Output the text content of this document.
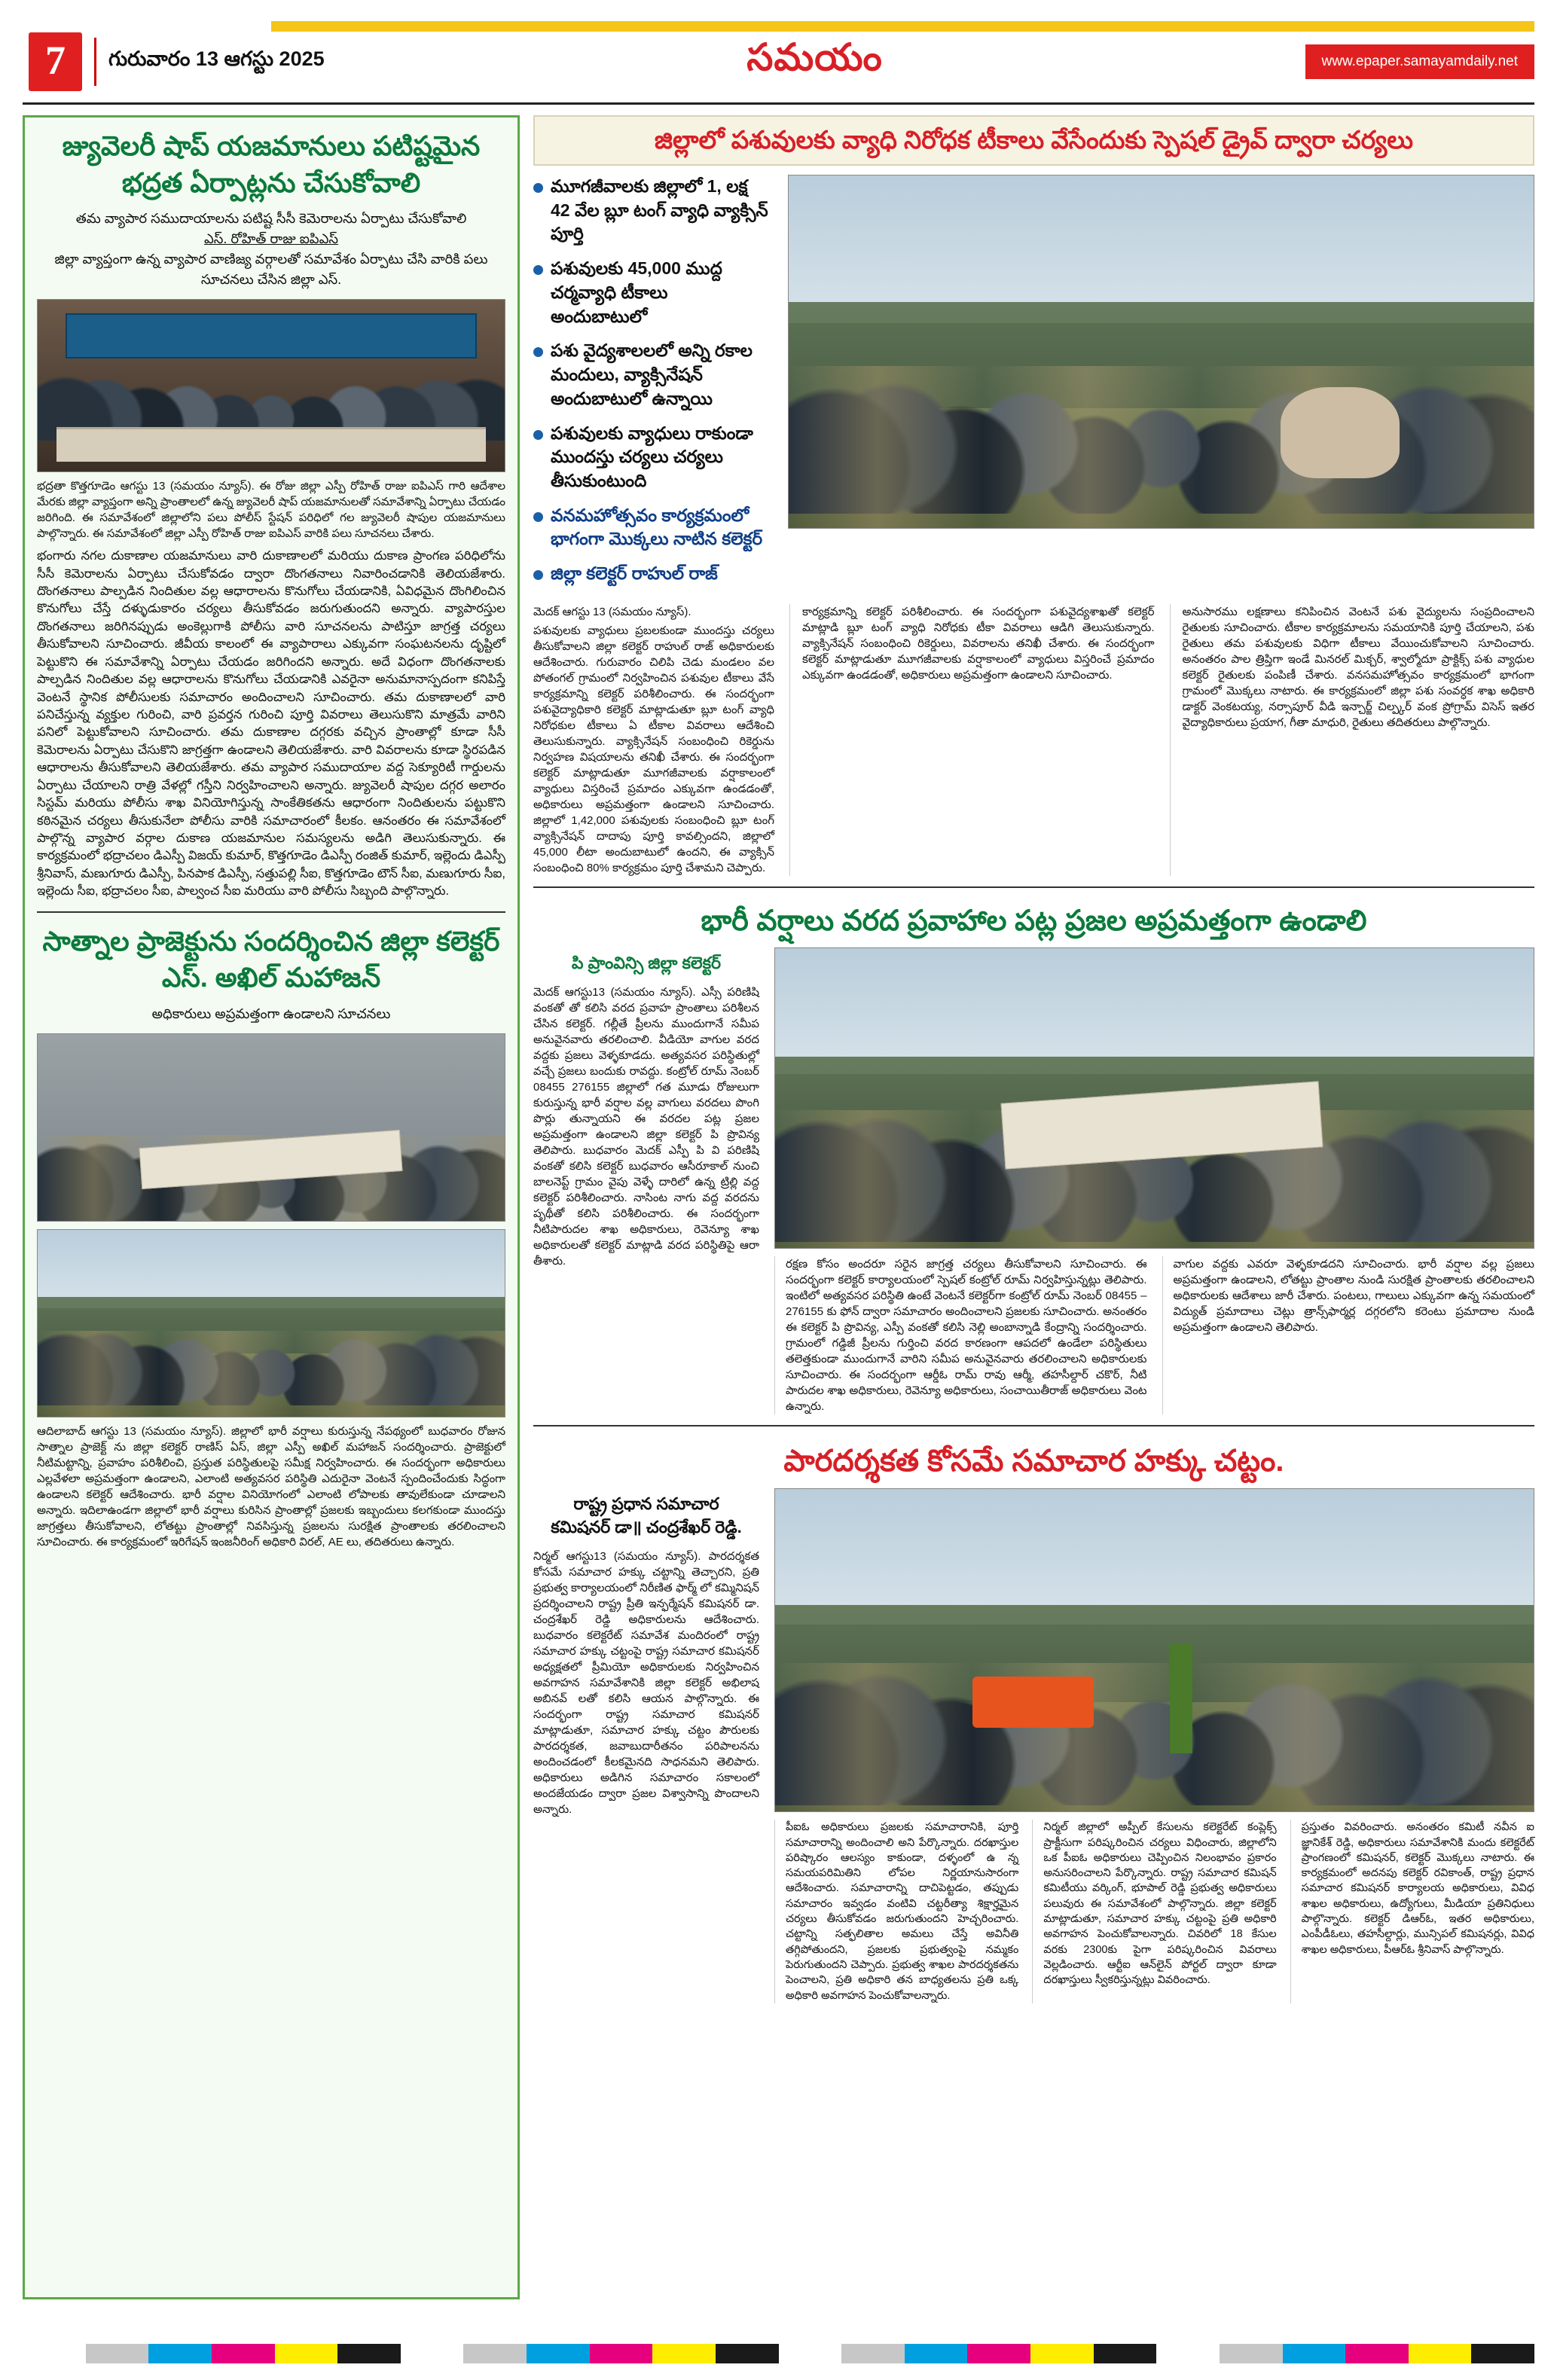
7	గురువారం 13 ఆగస్టు 2025	సమయం	www.epaper.samayamdaily.net
జ్యువెలరీ షాప్‌ యజమానులు పటిష్టమైన భద్రత ఏర్పాట్లను చేసుకోవాలి
తమ వ్యాపార సముదాయాలను పటిష్ట సీసీ కెమెరాలను ఏర్పాటు చేసుకోవాలి
ఎస్. రోహిత్ రాజు ఐపిఎస్
జిల్లా వ్యాప్తంగా ఉన్న వ్యాపార వాణిజ్య వర్గాలతో సమావేశం ఏర్పాటు చేసి వారికి పలు సూచనలు చేసిన జిల్లా ఎస్.
భద్రతా కొత్తగూడెం ఆగస్టు 13 (సమయం న్యూస్). ఈ రోజు జిల్లా ఎస్పీ రోహిత్ రాజు ఐపిఎస్ గారి ఆదేశాల మేరకు జిల్లా వ్యాప్తంగా అన్ని ప్రాంతాలలో ఉన్న జ్యువెలరీ షాప్ యజమానులతో సమావేశాన్ని ఏర్పాటు చేయడం జరిగింది. ఈ సమావేశంలో జిల్లాలోని పలు పోలీస్ స్టేషన్ పరిధిలో గల జ్యువెలరీ షాపుల యజమానులు పాల్గొన్నారు. ఈ సమావేశంలో జిల్లా ఎస్పీ రోహిత్ రాజు ఐపిఎస్ వారికి పలు సూచనలు చేశారు.
భంగారు నగల దుకాణాల యజమానులు వారి దుకాణాలలో మరియు దుకాణ ప్రాంగణ పరిధిలోను సీసీ కెమెరాలను ఏర్పాటు చేసుకోవడం ద్వారా దొంగతనాలు నివారించడానికి తెలియజేశారు. దొంగతనాలు పాల్పడిన నిందితుల వల్ల ఆధారాలను కొనుగోలు చేయడానికి, ఏవిధమైన దొంగిలించిన కొనుగోలు చేస్తే దళ్ళుడుకారం చర్యలు తీసుకోవడం జరుగుతుందని అన్నారు. వ్యాపారస్తుల దొంగతనాలు జరిగినప్పుడు అంకెల్లుగాకి పోలీసు వారి సూచనలను పాటిస్తూ జాగ్రత్త చర్యలు తీసుకోవాలని సూచించారు. జీవీయ కాలంలో ఈ వ్యాపారాలు ఎక్కువగా సంఘటనలను దృష్టిలో పెట్టుకొని ఈ సమావేశాన్ని ఏర్పాటు చేయడం జరిగిందని అన్నారు. అదే విధంగా దొంగతనాలకు పాల్పడిన నిందితుల వల్ల ఆధారాలను కొనుగోలు చేయడానికి ఎవరైనా అనుమానాస్పదంగా కనిపిస్తే వెంటనే స్థానిక పోలీసులకు సమాచారం అందించాలని సూచించారు. తమ దుకాణాలలో వారి పనిచేస్తున్న వ్యక్తుల గురించి, వారి ప్రవర్తన గురించి పూర్తి వివరాలు తెలుసుకొని మాత్రమే వారిని పనిలో పెట్టుకోవాలని సూచించారు. తమ దుకాణాల దగ్గరకు వచ్చిన ప్రాంతాల్లో కూడా సీసీ కెమెరాలను ఏర్పాటు చేసుకొని జాగ్రత్తగా ఉండాలని తెలియజేశారు. వారి వివరాలను కూడా స్థిరపడిన ఆధారాలను తీసుకోవాలని తెలియజేశారు. తమ వ్యాపార సముదాయాల వద్ద సెక్యూరిటీ గార్డులను ఏర్పాటు చేయాలని రాత్రి వేళల్లో గస్తీని నిర్వహించాలని అన్నారు. జ్యువెలరీ షాపుల దగ్గర అలారం సిస్టమ్ మరియు పోలీసు శాఖ వినియోగిస్తున్న సాంకేతికతను ఆధారంగా నిందితులను పట్టుకొని కఠినమైన చర్యలు తీసుకునేలా పోలీసు వారికి సమాచారంలో కీలకం. ఆనంతరం ఈ సమావేశంలో పాల్గొన్న వ్యాపార వర్గాల దుకాణ యజమానుల సమస్యలను అడిగి తెలుసుకున్నారు. ఈ కార్యక్రమంలో భద్రాచలం డిఎస్పీ విజయ్ కుమార్, కొత్తగూడెం డిఎస్పీ రంజిత్ కుమార్, ఇల్లెందు డిఎస్పీ శ్రీనివాస్, మణుగూరు డిఎస్పీ, పినపాక డిఎస్పీ, సత్తుపల్లి సీఐ, కొత్తగూడెం టౌన్ సీఐ, మణుగూరు సీఐ, ఇల్లెందు సీఐ, భద్రాచలం సీఐ, పాల్వంచ సీఐ మరియు వారి పోలీసు సిబ్బంది పాల్గొన్నారు.
సాత్నాల ప్రాజెక్టును సందర్శించిన జిల్లా కలెక్టర్ ఎస్. అఖిల్ మహాజన్
అధికారులు అప్రమత్తంగా ఉండాలని సూచనలు
ఆదిలాబాద్ ఆగస్టు 13 (సమయం న్యూస్). జిల్లాలో భారీ వర్షాలు కురుస్తున్న నేపథ్యంలో బుధవారం రోజున సాత్నాల ప్రాజెక్ట్ ను జిల్లా కలెక్టర్ రాణిస్ ఏస్, జిల్లా ఎస్పీ అఖిల్ మహాజన్ సందర్శించారు. ప్రాజెక్టులో నీటిమట్టాన్ని, ప్రవాహం పరిశీలించి, ప్రస్తుత పరిస్థితులపై సమీక్ష నిర్వహించారు. ఈ సందర్భంగా అధికారులు ఎల్లవేళలా అప్రమత్తంగా ఉండాలని, ఎలాంటి అత్యవసర పరిస్థితి ఎదురైనా వెంటనే స్పందించేందుకు సిద్ధంగా ఉండాలని కలెక్టర్ ఆదేశించారు. భారీ వర్షాల వినియోగంలో ఎలాంటి లోపాలకు తావులేకుండా చూడాలని అన్నారు. ఇదిలాఉండగా జిల్లాలో భారీ వర్షాలు కురిసిన ప్రాంతాల్లో ప్రజలకు ఇబ్బందులు కలగకుండా ముందస్తు జాగ్రత్తలు తీసుకోవాలని, లోతట్టు ప్రాంతాల్లో నివసిస్తున్న ప్రజలను సురక్షిత ప్రాంతాలకు తరలించాలని సూచించారు. ఈ కార్యక్రమంలో ఇరిగేషన్ ఇంజనీరింగ్ అధికారి విరల్, AE లు, తదితరులు ఉన్నారు.
జిల్లాలో పశువులకు వ్యాధి నిరోధక టీకాలు వేసేందుకు స్పెషల్ డ్రైవ్ ద్వారా చర్యలు
మూగజీవాలకు జిల్లాలో 1, లక్ష 42 వేల బ్లూ టంగ్ వ్యాధి వ్యాక్సిన్ పూర్తి
పశువులకు 45,000 ముద్ద చర్మవ్యాధి టీకాలు అందుబాటులో
పశు వైద్యశాలలలో అన్ని రకాల మందులు, వ్యాక్సినేషన్ అందుబాటులో ఉన్నాయి
పశువులకు వ్యాధులు రాకుండా ముందస్తు చర్యలు చర్యలు తీసుకుంటుంది
వనమహోత్సవం కార్యక్రమంలో భాగంగా మొక్కలు నాటిన కలెక్టర్
జిల్లా కలెక్టర్ రాహుల్ రాజ్
మెదక్ ఆగస్టు 13 (సమయం న్యూస్).
పశువులకు వ్యాధులు ప్రబలకుండా ముందస్తు చర్యలు తీసుకోవాలని జిల్లా కలెక్టర్ రాహుల్ రాజ్ అధికారులకు ఆదేశించారు. గురువారం చిలిపి చెడు మండలం వల పోతంగల్ గ్రామంలో నిర్వహించిన పశువుల టీకాలు వేసే కార్యక్రమాన్ని కలెక్టర్ పరిశీలించారు. ఈ సందర్భంగా పశువైద్యాధికారి కలెక్టర్ మాట్లాడుతూ బ్లూ టంగ్ వ్యాధి నిరోధకుల టీకాలు ఏ టీకాల వివరాలు ఆదేశించి తెలుసుకున్నారు. వ్యాక్సినేషన్ సంబంధించి రికెర్డును నిర్వహణ విషయాలను తనిఖీ చేశారు. ఈ సందర్భంగా కలెక్టర్ మాట్లాడుతూ మూగజీవాలకు వర్షాకాలంలో వ్యాధులు విస్తరించే ప్రమాదం ఎక్కువగా ఉండడంతో, అధికారులు అప్రమత్తంగా ఉండాలని సూచించారు. జిల్లాలో 1,42,000 పశువులకు సంబంధించి బ్లూ టంగ్ వ్యాక్సినేషన్ దాదాపు పూర్తి కావల్సిందని, జిల్లాలో 45,000 లీటా అందుబాటులో ఉందని, ఈ వ్యాక్సిన్ సంబంధించి 80% కార్యక్రమం పూర్తి చేశామని చెప్పారు.
కార్యక్రమాన్ని కలెక్టర్ పరిశీలించారు. ఈ సందర్భంగా పశువైద్యశాఖతో కలెక్టర్ మాట్లాడి బ్లూ టంగ్ వ్యాధి నిరోధకు టీకా వివరాలు ఆడిగి తెలుసుకున్నారు. వ్యాక్సినేషన్ సంబంధించి రికెర్డులు, వివరాలను తనిఖీ చేశారు. ఈ సందర్భంగా కలెక్టర్ మాట్లాడుతూ మూగజీవాలకు వర్షాకాలంలో వ్యాధులు విస్తరించే ప్రమాదం ఎక్కువగా ఉండడంతో, అధికారులు అప్రమత్తంగా ఉండాలని సూచించారు.
అనుసారము లక్షణాలు కనిపించిన వెంటనే పశు వైద్యులను సంప్రదించాలని రైతులకు సూచించారు. టీకాల కార్యక్రమాలను సమయానికి పూర్తి చేయాలని, పశు రైతులు తమ పశువులకు విధిగా టీకాలు వేయించుకోవాలని సూచించారు. అనంతరం పాల త్రిప్తిగా ఇండే మినరల్ మిక్చర్, శ్వాల్మోదూ ప్రాక్టిక్స్ పశు వ్యాధుల కలెక్టర్ రైతులకు పంపిణీ చేశారు. వనసమహోత్సవం కార్యక్రమంలో భాగంగా గ్రామంలో మొక్కలు నాటారు. ఈ కార్యక్రమంలో జిల్లా పశు సంవర్ధక శాఖ అధికారి డాక్టర్ వెంకటయ్య, నర్సాపూర్ వీడి ఇన్చార్జ్ చిల్ప్కర్ వంక ప్రోగ్రామ్ విసెస్ ఇతర వైద్యాధికారులు ప్రయాగ, గీతా మాధురి, రైతులు తదితరులు పాల్గొన్నారు.
భారీ వర్షాలు వరద ప్రవాహాల పట్ల ప్రజల అప్రమత్తంగా ఉండాలి
పి ప్రాంవిన్సి జిల్లా కలెక్టర్
మెదక్ ఆగస్టు13 (సమయం న్యూస్). ఎస్సీ పరిణిషి వంకతో తో కలిసి వరద ప్రవాహ ప్రాంతాలు పరిశీలన చేసిన కలెక్టర్. గల్లీతే ప్రీలను ముందుగానే సమీప అనువైనవారు తరలించాలి. వీడియో వాగుల వరద వద్దకు ప్రజలు వెళ్ళకూడదు. అత్యవసర పరిస్థితుల్లో వచ్చే ప్రజలు బందుకు రావద్దు. కంట్రోల్ రూమ్ నెంబర్ 08455 276155 జిల్లాలో గత మూడు రోజులుగా కురుస్తున్న భారీ వర్షాల వల్ల వాగులు వరదలు పొంగి పొర్లు తున్నాయని ఈ వరదల పట్ల ప్రజల అప్రమత్తంగా ఉండాలని జిల్లా కలెక్టర్ పి ప్రొవిన్య తెలిపారు. బుధవారం మెదక్ ఎస్పీ పి వి పరిణిషి వంకతో కలిసి కలెక్టర్ బుధవారం ఆసీరూకాల్ నుంచి బాలనెప్ట్ గ్రామం వైపు వెళ్ళే దారిలో ఉన్న ట్రిల్లి వద్ద కలెక్టర్ పరిశీలించారు. నాసింట నాగు వద్ద వరదను పృథీతో కలిసి పరిశీలించారు. ఈ సందర్భంగా నీటిపారుదల శాఖ అధికారులు, రెవెన్యూ శాఖ అధికారులతో కలెక్టర్ మాట్లాడి వరద పరిస్థితిపై ఆరా తీశారు.	రక్షణ కోసం అందరూ సరైన జాగ్రత్త చర్యలు తీసుకోవాలని సూచించారు. ఈ సందర్భంగా కలెక్టర్ కార్యాలయంలో స్పెషల్ కంట్రోల్ రూమ్ నిర్వహిస్తున్నట్లు తెలిపారు. ఇంటిలో అత్యవసర పరిస్థితి ఉంటే వెంటనే కలెక్టర్‌గా కంట్రోల్ రూమ్ నెంబర్ 08455 – 276155 కు ఫోన్ ద్వారా సమాచారం అందించాలని ప్రజలకు సూచించారు. అనంతరం ఈ కలెక్టర్ పి ప్రొవిన్య, ఎస్పీ వంకతో కలిసి నెల్లి అంబాన్నాడి కేంద్రాన్ని సందర్శించారు. గ్రామంలో గడ్డిజీ ప్రీలను గుర్తించి వరద కారణంగా ఆపదలో ఉండేలా పరిస్థితులు తలెత్తకుండా ముందుగానే వారిని సమీప అనువైనవారు తరలించాలని అధికారులకు సూచించారు. ఈ సందర్భంగా ఆర్డీఓ రామ్ రావు ఆర్మీ, తహసీల్దార్ చకొర్, నీటి పారుదల శాఖ అధికారులు, రెవెన్యూ అధికారులు, సంచాయితీరాజ్ అధికారులు వెంట ఉన్నారు.
వాగుల వద్దకు ఎవరూ వెళ్ళకూడదని సూచించారు. భారీ వర్షాల వల్ల ప్రజలు అప్రమత్తంగా ఉండాలని, లోతట్టు ప్రాంతాల నుండి సురక్షిత ప్రాంతాలకు తరలించాలని అధికారులకు ఆదేశాలు జారీ చేశారు. పంటలు, గాలులు ఎక్కువగా ఉన్న సమయంలో విద్యుత్ ప్రమాదాలు చెట్లు త్రాన్స్‌ఫార్మర్ల దగ్గరలోని కరెంటు ప్రమాదాల నుండి అప్రమత్తంగా ఉండాలని తెలిపారు.
పారదర్శకత కోసమే సమాచార హక్కు చట్టం.
రాష్ట్ర ప్రధాన సమాచార
కమిషనర్ డా॥ చంద్రశేఖర్ రెడ్డి.
నిర్మల్ ఆగస్టు13 (సమయం న్యూస్). పారదర్శకత కోసమే సమాచార హక్కు చట్టాన్ని తెచ్చారని, ప్రతి ప్రభుత్వ కార్యాలయంలో నిరీణిత ఫార్మ్ లో కమ్మినిషన్ ప్రదర్శించాలని రాష్ట్ర ప్రీతి ఇన్ఫర్మేషన్ కమిషనర్ డా. చంద్రశేఖర్ రెడ్డి అధికారులను ఆదేశించారు. బుధవారం కలెక్టరేట్ సమావేశ మందిరంలో రాష్ట్ర సమాచార హక్కు చట్టంపై రాష్ట్ర సమాచార కమిషనర్ అధ్యక్షతలో ప్రీమియో అధికారులకు నిర్వహించిన అవగాహన సమావేశానికి జిల్లా కలెక్టర్ అభిలాష అబినవ్ లతో కలిసి ఆయన పాల్గొన్నారు. ఈ సందర్భంగా రాష్ట్ర సమాచార కమిషనర్ మాట్లాడుతూ, సమాచార హక్కు చట్టం పౌరులకు పారదర్శకత, జవాబుదారీతనం పరిపాలనను అందించడంలో కీలకమైనది సాధనమని తెలిపారు. అధికారులు అడిగిన సమాచారం సకాలంలో అందజేయడం ద్వారా ప్రజల విశ్వాసాన్ని పొందాలని అన్నారు.
పీఐఓ అధికారులు ప్రజలకు సమాచారానికి, పూర్తి సమాచారాన్ని అందించాలి అని పేర్కొన్నారు. దరఖాస్తుల పరిష్కారం ఆలస్యం కాకుండా, దళ్ళంలో ఉ న్న సమయపరిమితిని లోపల నిర్ణయానుసారంగా ఆదేశించారు. సమాచారాన్ని దాచిపెట్టడం, తప్పుడు సమాచారం ఇవ్వడం వంటివి చట్టరీత్యా శిక్షార్హమైన చర్యలు తీసుకోవడం జరుగుతుందని హెచ్చరించారు. చట్టాన్ని సత్ఫలితాల అమలు చేస్తే అవినీతి తగ్గిపోతుందని, ప్రజలకు ప్రభుత్వంపై నమ్మకం పెరుగుతుందని చెప్పారు. ప్రభుత్వ శాఖల పారదర్శకతను పెంచాలని, ప్రతి అధికారి తన బాధ్యతలను ప్రతి ఒక్క అధికారి అవగాహన పెంచుకోవాలన్నారు.
నిర్మల్ జిల్లాలో అప్పీల్ కేసులను కలెక్టరేట్ కంప్లెక్స్ ప్రాక్టీసుగా పరిష్కరించిన చర్యలు విధించారు, జిల్లాలోని ఒక పీఐఓ అధికారులు చెప్పించిన నిలంభావం ప్రకారం అనుసరించాలని పేర్కొన్నారు. రాష్ట్ర సమాచార కమిషన్ కమిటీయు వర్కింగ్, భూపాల్ రెడ్డి ప్రభుత్వ అధికారులు పలువురు ఈ సమావేశంలో పాల్గొన్నారు. జిల్లా కలెక్టర్ మాట్లాడుతూ, సమాచార హక్కు చట్టంపై ప్రతి అధికారి అవగాహన పెంచుకోవాలన్నారు. చివరిలో 18 కేసుల వరకు 2300కు పైగా పరిష్కరించిన వివరాలు వెల్లడించారు. ఆర్టీఐ ఆన్‌లైన్ పోర్టల్ ద్వారా కూడా దరఖాస్తులు స్వీకరిస్తున్నట్లు వివరించారు.
ప్రస్తుతం వివరించారు. అనంతరం కమిటీ నవీన ఐ జ్ఞానికేశ్ రెడ్డి, అధికారులు సమావేశానికి మందు కలెక్టరేట్ ప్రాంగణంలో కమిషనర్, కలెక్టర్ మొక్కలు నాటారు. ఈ కార్యక్రమంలో అదనపు కలెక్టర్ రవికాంత్, రాష్ట్ర ప్రధాన సమాచార కమిషనర్ కార్యాలయ అధికారులు, వివిధ శాఖల అధికారులు, ఉద్యోగులు, మీడియా ప్రతినిధులు పాల్గొన్నారు. కలెక్టర్ డిఆర్ఓ, ఇతర అధికారులు, ఎంపీడీఓలు, తహసీల్దార్లు, మున్సిపల్ కమిషనర్లు, వివిధ శాఖల అధికారులు, పీఆర్ఓ శ్రీనివాస్ పాల్గొన్నారు.
